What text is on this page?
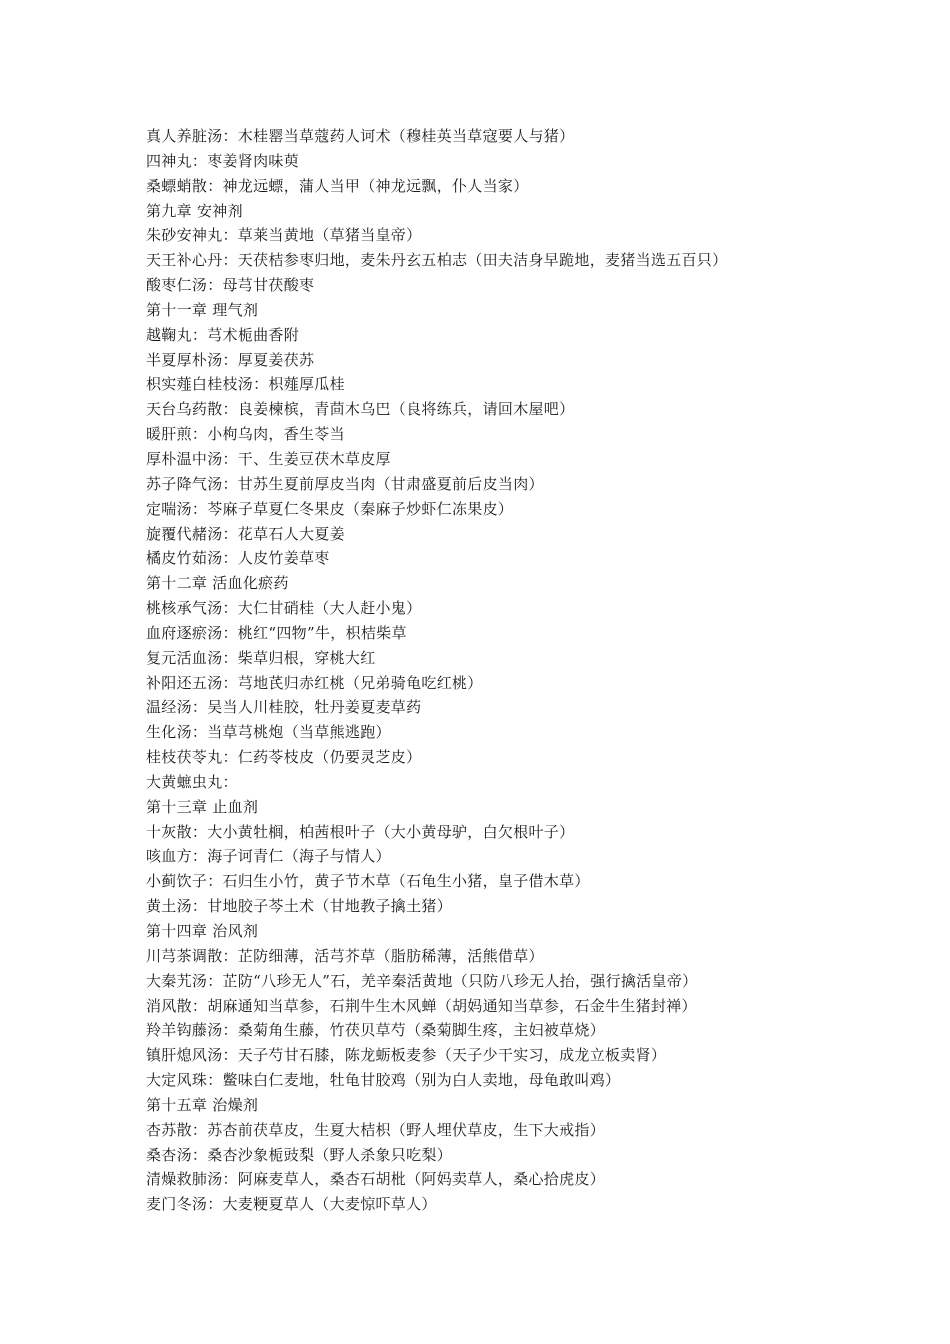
真人养脏汤：木桂罂当草蔻药人诃术（穆桂英当草寇要人与猪）
四神丸：枣姜肾肉味萸
桑螵蛸散：神龙远螵，蒲人当甲（神龙远飘，仆人当家）
第九章 安神剂
朱砂安神丸：草莱当黄地（草猪当皇帝）
天王补心丹：天茯桔参枣归地，麦朱丹玄五柏志（田夫洁身早跪地，麦猪当选五百只）
酸枣仁汤：母芎甘茯酸枣
第十一章 理气剂
越鞠丸：芎术栀曲香附
半夏厚朴汤：厚夏姜茯苏
枳实薤白桂枝汤：枳薤厚瓜桂
天台乌药散：良姜楝槟，青茴木乌巴（良将练兵，请回木屋吧）
暖肝煎：小枸乌肉，香生苓当
厚朴温中汤：干、生姜豆茯木草皮厚
苏子降气汤：甘苏生夏前厚皮当肉（甘肃盛夏前后皮当肉）
定喘汤：芩麻子草夏仁冬果皮（秦麻子炒虾仁冻果皮）
旋覆代赭汤：花草石人大夏姜
橘皮竹茹汤：人皮竹姜草枣
第十二章 活血化瘀药
桃核承气汤：大仁甘硝桂（大人赶小鬼）
血府逐瘀汤：桃红“四物”牛，枳桔柴草
复元活血汤：柴草归根，穿桃大红
补阳还五汤：芎地芪归赤红桃（兄弟骑龟吃红桃）
温经汤：吴当人川桂胶，牡丹姜夏麦草药
生化汤：当草芎桃炮（当草熊逃跑）
桂枝茯苓丸：仁药苓枝皮（仍要灵芝皮）
大黄蟅虫丸：
第十三章 止血剂
十灰散：大小黄牡榈，柏茜根叶子（大小黄母驴，白欠根叶子）
咳血方：海子诃青仁（海子与情人）
小蓟饮子：石归生小竹，黄子节木草（石龟生小猪，皇子借木草）
黄土汤：甘地胶子芩土术（甘地教子擒土猪）
第十四章 治风剂
川芎茶调散：芷防细薄，活芎芥草（脂肪稀薄，活熊借草）
大秦艽汤：芷防“八珍无人”石，羌辛秦活黄地（只防八珍无人抬，强行擒活皇帝）
消风散：胡麻通知当草参，石荆牛生木风蝉（胡妈通知当草参，石金牛生猪封禅）
羚羊钩藤汤：桑菊角生藤，竹茯贝草芍（桑菊脚生疼，主妇被草烧）
镇肝熄风汤：天子芍甘石膝，陈龙蛎板麦参（天子少干实习，成龙立板卖肾）
大定风珠：鳖味白仁麦地，牡龟甘胶鸡（别为白人卖地，母龟敢叫鸡）
第十五章 治燥剂
杏苏散：苏杏前茯草皮，生夏大桔枳（野人埋伏草皮，生下大戒指）
桑杏汤：桑杏沙象栀豉梨（野人杀象只吃梨）
清燥救肺汤：阿麻麦草人，桑杏石胡枇（阿妈卖草人，桑心拾虎皮）
麦门冬汤：大麦粳夏草人（大麦惊吓草人）
